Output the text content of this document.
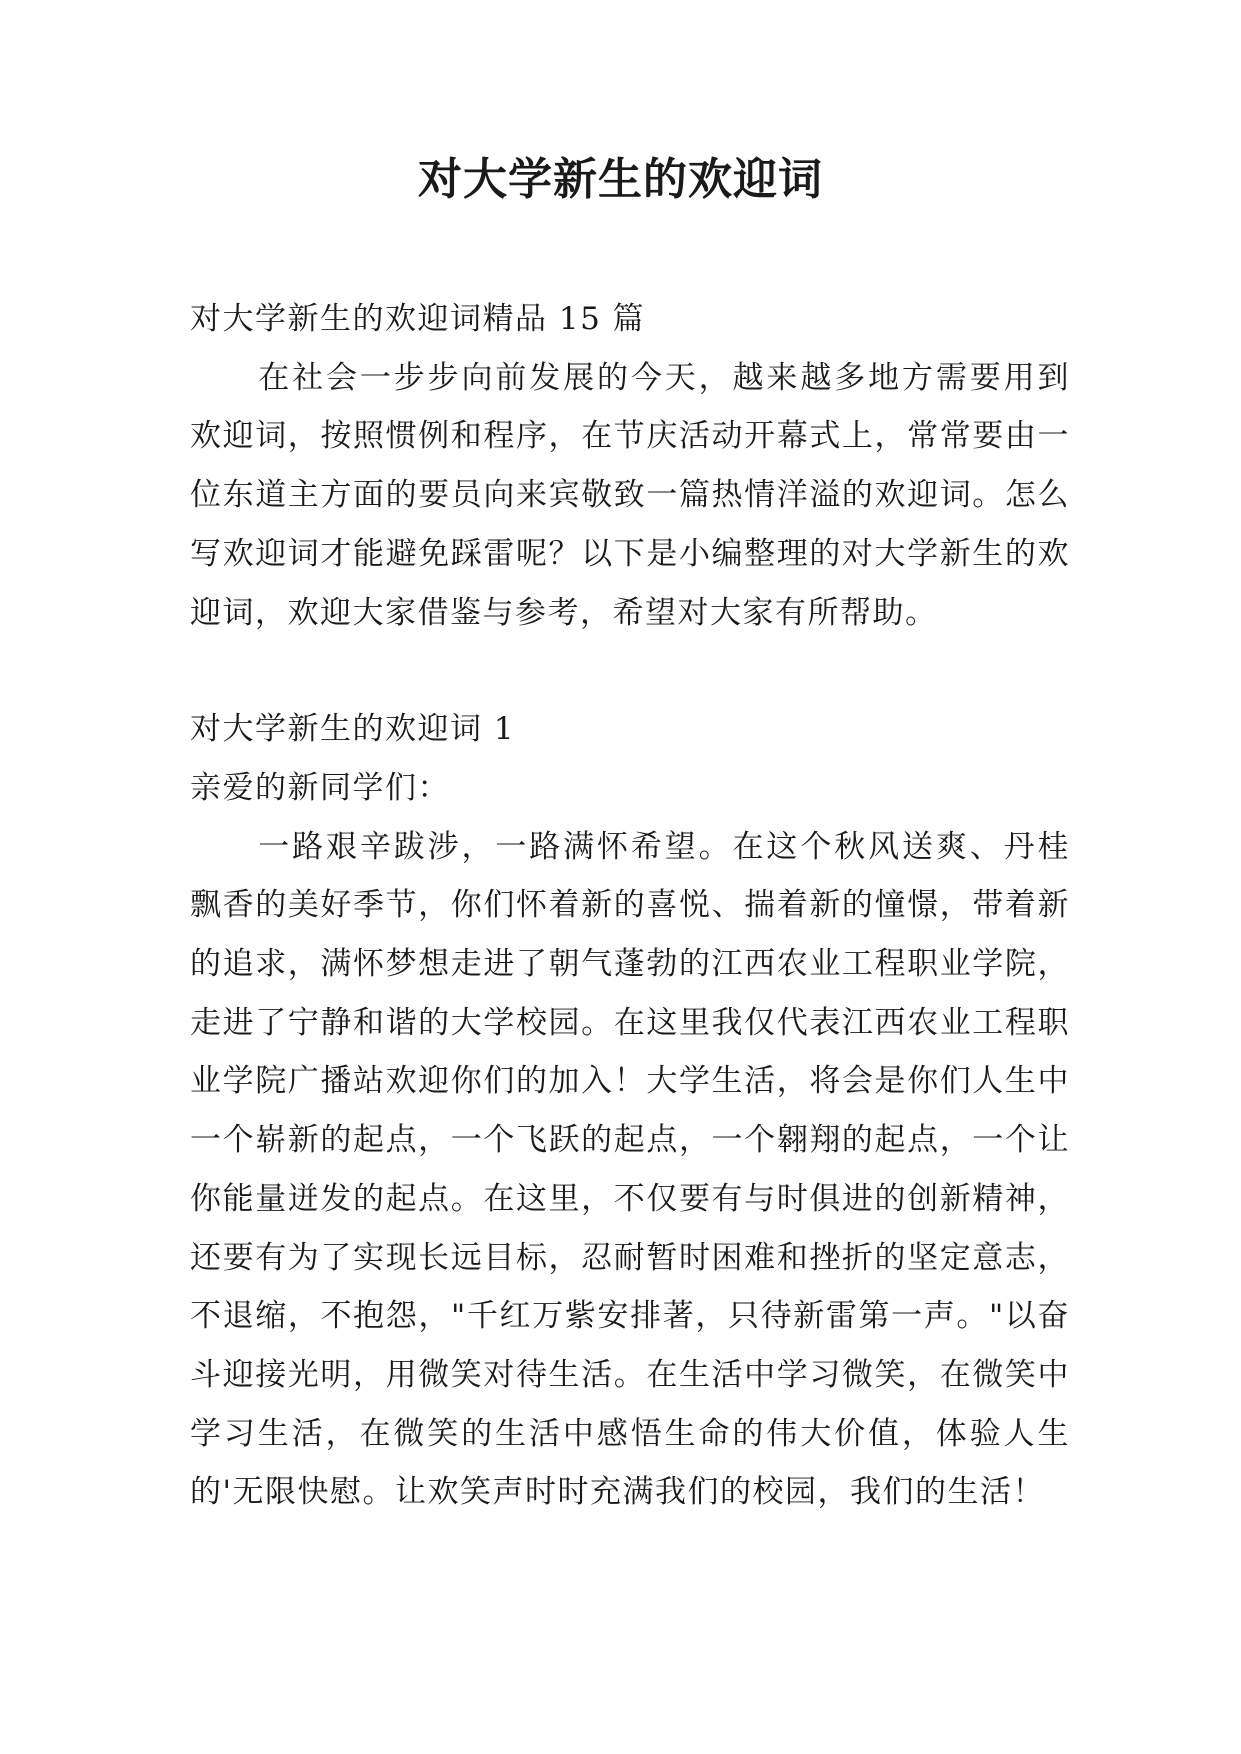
对大学新生的欢迎词

对大学新生的欢迎词精品 15 篇

在社会一步步向前发展的今天，越来越多地方需要用到欢迎词，按照惯例和程序，在节庆活动开幕式上，常常要由一位东道主方面的要员向来宾敬致一篇热情洋溢的欢迎词。怎么写欢迎词才能避免踩雷呢？以下是小编整理的对大学新生的欢迎词，欢迎大家借鉴与参考，希望对大家有所帮助。

对大学新生的欢迎词 1

亲爱的新同学们：

一路艰辛跋涉，一路满怀希望。在这个秋风送爽、丹桂飘香的美好季节，你们怀着新的喜悦、揣着新的憧憬，带着新的追求，满怀梦想走进了朝气蓬勃的江西农业工程职业学院，走进了宁静和谐的大学校园。在这里我仅代表江西农业工程职业学院广播站欢迎你们的加入！大学生活，将会是你们人生中一个崭新的起点，一个飞跃的起点，一个翱翔的起点，一个让你能量迸发的起点。在这里，不仅要有与时俱进的创新精神，还要有为了实现长远目标，忍耐暂时困难和挫折的坚定意志，不退缩，不抱怨，"千红万紫安排著，只待新雷第一声。"以奋斗迎接光明，用微笑对待生活。在生活中学习微笑，在微笑中学习生活，在微笑的生活中感悟生命的伟大价值，体验人生的'无限快慰。让欢笑声时时充满我们的校园，我们的生活！
